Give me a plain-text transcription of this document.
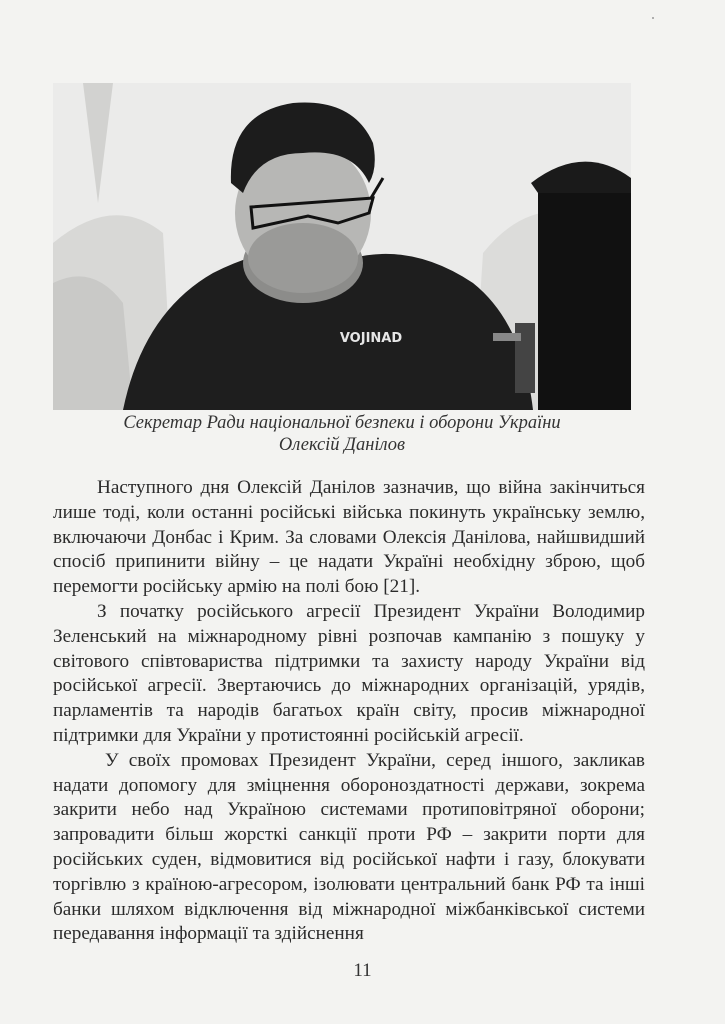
VOJINAD
Секретар Ради національної безпеки і оборони України
Олексій Данілов

Наступного дня Олексій Данілов зазначив, що війна закінчиться лише тоді, коли останні російські війська покинуть українську землю, включаючи Донбас і Крим. За словами Олексія Данілова, найшвидший спосіб припинити війну – це надати Україні необхідну зброю, щоб перемогти російську армію на полі бою [21].

З початку російського агресії Президент України Володимир Зеленський на міжнародному рівні розпочав кампанію з пошуку у світового співтовариства підтримки та захисту народу України від російської агресії. Звертаючись до міжнародних організацій, урядів, парламентів та народів багатьох країн світу, просив міжнародної підтримки для України у протистоянні російській агресії.

У своїх промовах Президент України, серед іншого, закликав надати допомогу для зміцнення обороноздатності держави, зокрема закрити небо над Україною системами протиповітряної оборони; запровадити більш жорсткі санкції проти РФ – закрити порти для російських суден, відмовитися від російської нафти і газу, блокувати торгівлю з країною-агресором, ізолювати центральний банк РФ та інші банки шляхом відключення від міжнародної міжбанківської системи передавання інформації та здійснення

11
